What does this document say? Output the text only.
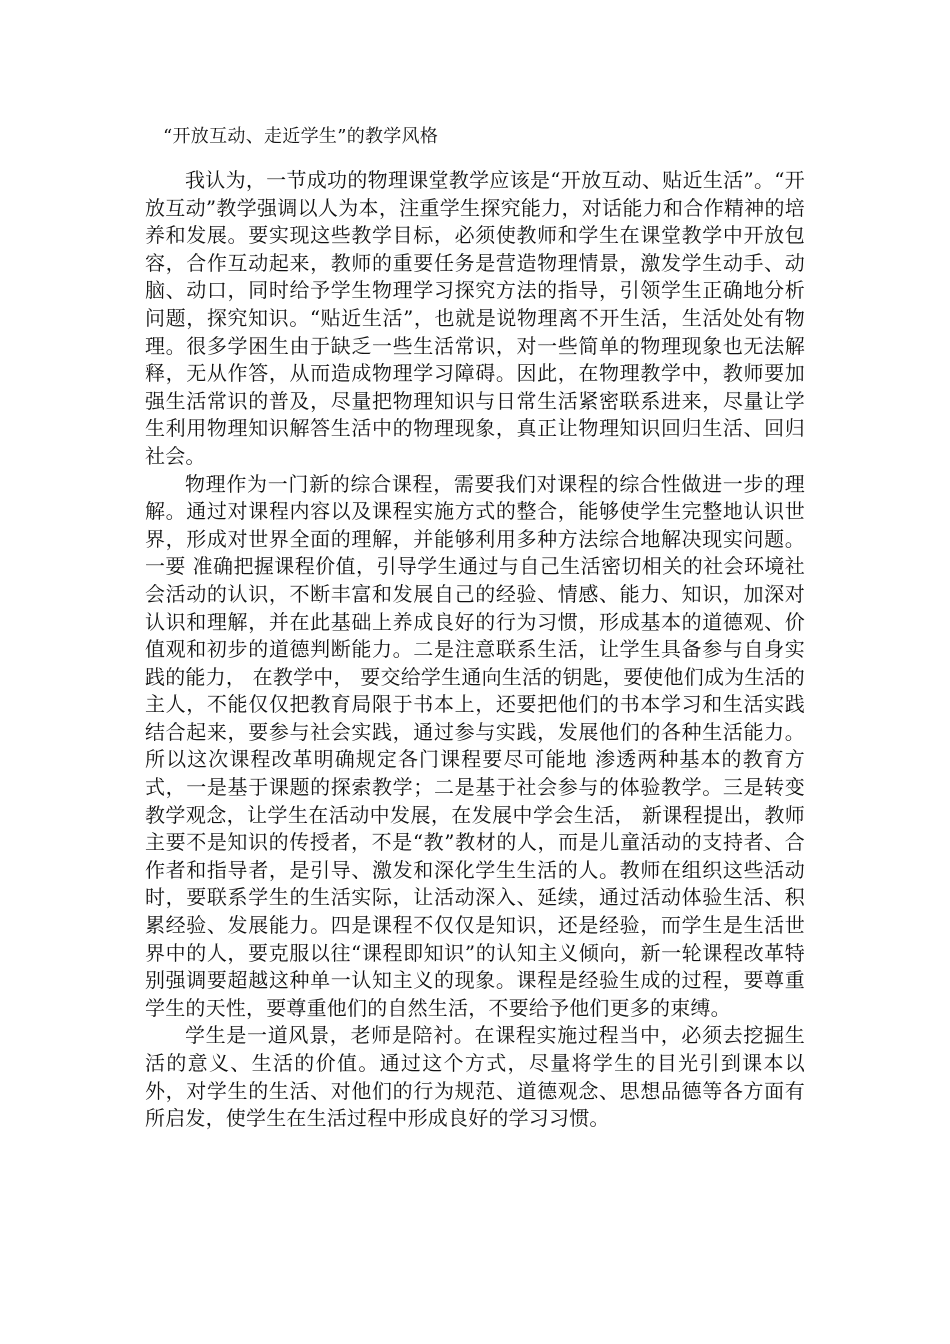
“开放互动、走近学生”的教学风格

我认为，一节成功的物理课堂教学应该是“开放互动、贴近生活”。“开放互动”教学强调以人为本，注重学生探究能力，对话能力和合作精神的培养和发展。要实现这些教学目标，必须使教师和学生在课堂教学中开放包容，合作互动起来，教师的重要任务是营造物理情景，激发学生动手、动脑、动口，同时给予学生物理学习探究方法的指导，引领学生正确地分析问题，探究知识。“贴近生活”，也就是说物理离不开生活，生活处处有物理。很多学困生由于缺乏一些生活常识，对一些简单的物理现象也无法解释，无从作答，从而造成物理学习障碍。因此，在物理教学中，教师要加强生活常识的普及，尽量把物理知识与日常生活紧密联系进来，尽量让学生利用物理知识解答生活中的物理现象，真正让物理知识回归生活、回归社会。

物理作为一门新的综合课程，需要我们对课程的综合性做进一步的理解。通过对课程内容以及课程实施方式的整合，能够使学生完整地认识世界，形成对世界全面的理解，并能够利用多种方法综合地解决现实问题。 一要 准确把握课程价值，引导学生通过与自己生活密切相关的社会环境社会活动的认识，不断丰富和发展自己的经验、情感、能力、知识，加深对认识和理解，并在此基础上养成良好的行为习惯，形成基本的道德观、价值观和初步的道德判断能力。二是注意联系生活，让学生具备参与自身实践的能力， 在教学中， 要交给学生通向生活的钥匙，要使他们成为生活的主人，不能仅仅把教育局限于书本上，还要把他们的书本学习和生活实践结合起来，要参与社会实践，通过参与实践，发展他们的各种生活能力。所以这次课程改革明确规定各门课程要尽可能地 渗透两种基本的教育方式，一是基于课题的探索教学；二是基于社会参与的体验教学。三是转变教学观念，让学生在活动中发展，在发展中学会生活， 新课程提出，教师主要不是知识的传授者，不是“教”教材的人，而是儿童活动的支持者、合作者和指导者，是引导、激发和深化学生生活的人。教师在组织这些活动时，要联系学生的生活实际，让活动深入、延续，通过活动体验生活、积累经验、发展能力。四是课程不仅仅是知识，还是经验，而学生是生活世界中的人，要克服以往“课程即知识”的认知主义倾向，新一轮课程改革特别强调要超越这种单一认知主义的现象。课程是经验生成的过程，要尊重学生的天性，要尊重他们的自然生活，不要给予他们更多的束缚。

学生是一道风景，老师是陪衬。在课程实施过程当中，必须去挖掘生活的意义、生活的价值。通过这个方式，尽量将学生的目光引到课本以外，对学生的生活、对他们的行为规范、道德观念、思想品德等各方面有所启发，使学生在生活过程中形成良好的学习习惯。
